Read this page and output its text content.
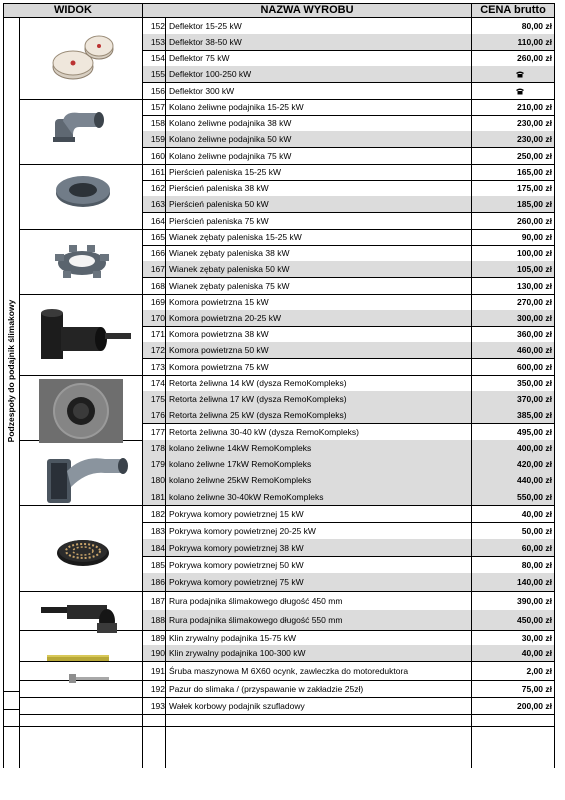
WIDOK	NAZWA WYROBU	CENA brutto
152 Deflektor 15-25 kW	80,00 zł
153 Deflektor 38-50 kW	110,00 zł
154 Deflektor 75 kW	260,00 zł
155 Deflektor 100-250 kW
156 Deflektor 300 kW
157 Kolano żeliwne podajnika 15-25 kW	210,00 zł
158 Kolano żeliwne podajnika 38 kW	230,00 zł
159 Kolano żeliwne podajnika 50 kW	230,00 zł
160 Kolano żeliwne podajnika 75 kW	250,00 zł
161 Pierścień paleniska 15-25 kW	165,00 zł
162 Pierścień paleniska 38 kW	175,00 zł
163 Pierścień paleniska 50 kW	185,00 zł
164 Pierścień paleniska 75 kW	260,00 zł
165 Wianek zębaty paleniska 15-25 kW	90,00 zł
166 Wianek zębaty paleniska 38 kW	100,00 zł
167 Wianek zębaty paleniska 50 kW	105,00 zł
168 Wianek zębaty paleniska 75 kW	130,00 zł
169 Komora powietrzna 15 kW	270,00 zł
170 Komora powietrzna 20-25 kW	300,00 zł
171 Komora powietrzna 38 kW	360,00 zł
172 Komora powietrzna 50 kW	460,00 zł
173 Komora powietrzna 75 kW	600,00 zł
174 Retorta żeliwna 14 kW (dysza RemoKompleks)	350,00 zł
175 Retorta żeliwna 17 kW (dysza RemoKompleks)	370,00 zł
176 Retorta żeliwna 25 kW (dysza RemoKompleks)	385,00 zł
177 Retorta żeliwna 30-40 kW (dysza RemoKompleks)	495,00 zł
178 kolano żeliwne 14kW RemoKompleks	400,00 zł
179 kolano żeliwne 17kW RemoKompleks	420,00 zł
180 kolano żeliwne 25kW RemoKompleks	440,00 zł
181 kolano żeliwne 30-40kW RemoKompleks	550,00 zł
182 Pokrywa komory powietrznej 15 kW	40,00 zł
183 Pokrywa komory powietrznej 20-25 kW	50,00 zł
184 Pokrywa komory powietrznej 38 kW	60,00 zł
185 Pokrywa komory powietrznej 50 kW	80,00 zł
186 Pokrywa komory powietrznej 75 kW	140,00 zł
187 Rura podajnika ślimakowego długość 450 mm	390,00 zł
188 Rura podajnika ślimakowego długość 550 mm	450,00 zł
189 Klin zrywalny podajnika 15-75 kW	30,00 zł
190 Klin zrywalny podajnika 100-300 kW	40,00 zł
191 Śruba maszynowa M 6X60 ocynk, zawleczka do motoreduktora	2,00 zł
192 Pazur do slimaka / (przyspawanie w zakładzie 25zł)	75,00 zł
193 Wałek korbowy podajnik szufladowy	200,00 zł
Podzespoły do podajnik ślimakowy
